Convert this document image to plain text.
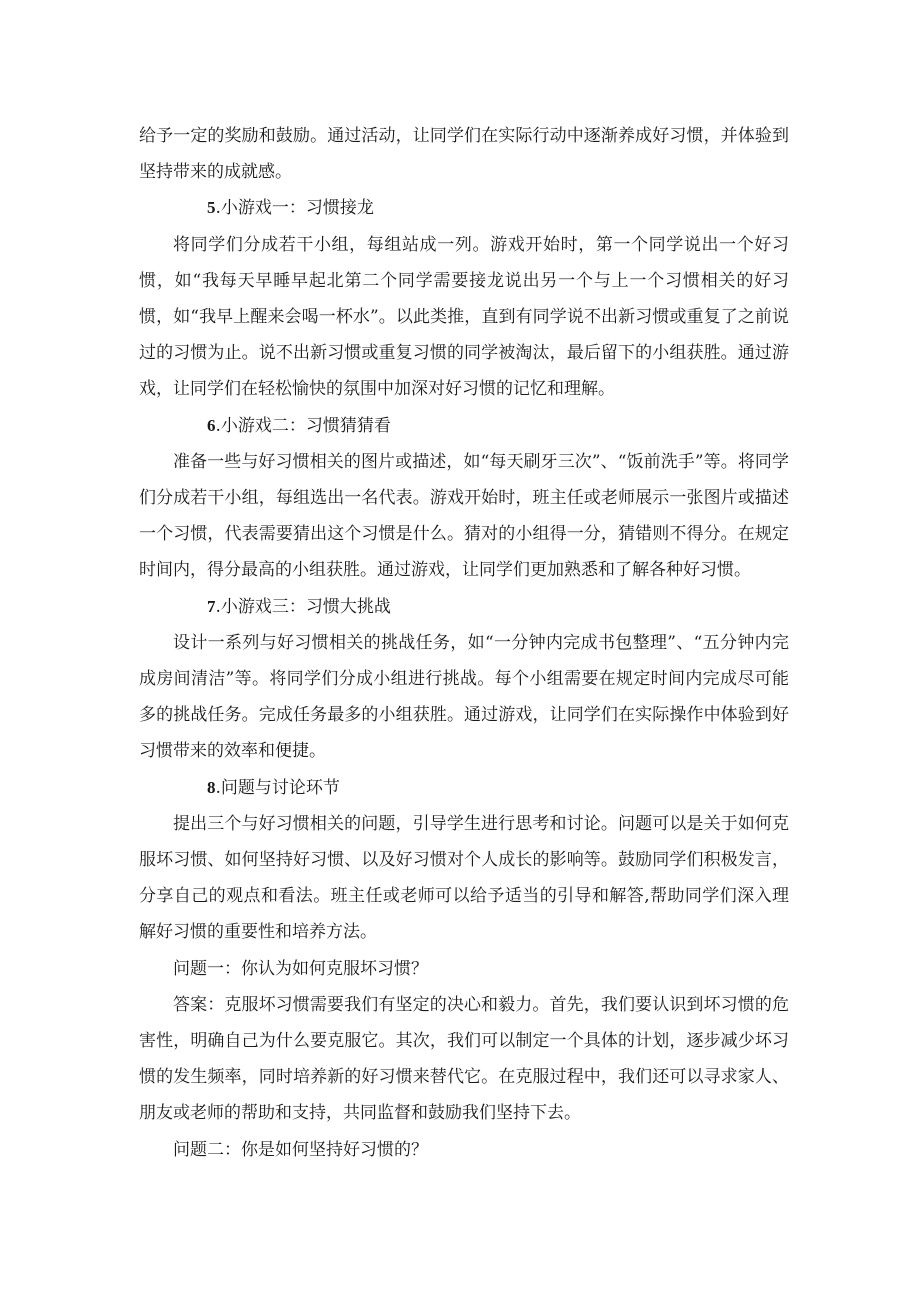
给予一定的奖励和鼓励。通过活动，让同学们在实际行动中逐渐养成好习惯，并体验到坚持带来的成就感。

5.小游戏一：习惯接龙

将同学们分成若干小组，每组站成一列。游戏开始时，第一个同学说出一个好习惯，如“我每天早睡早起北第二个同学需要接龙说出另一个与上一个习惯相关的好习惯，如“我早上醒来会喝一杯水”。以此类推，直到有同学说不出新习惯或重复了之前说过的习惯为止。说不出新习惯或重复习惯的同学被淘汰，最后留下的小组获胜。通过游戏，让同学们在轻松愉快的氛围中加深对好习惯的记忆和理解。

6.小游戏二：习惯猜猜看

准备一些与好习惯相关的图片或描述，如“每天刷牙三次”、“饭前洗手”等。将同学们分成若干小组，每组选出一名代表。游戏开始时，班主任或老师展示一张图片或描述一个习惯，代表需要猜出这个习惯是什么。猜对的小组得一分，猜错则不得分。在规定时间内，得分最高的小组获胜。通过游戏，让同学们更加熟悉和了解各种好习惯。

7.小游戏三：习惯大挑战

设计一系列与好习惯相关的挑战任务，如“一分钟内完成书包整理”、“五分钟内完成房间清洁”等。将同学们分成小组进行挑战。每个小组需要在规定时间内完成尽可能多的挑战任务。完成任务最多的小组获胜。通过游戏，让同学们在实际操作中体验到好习惯带来的效率和便捷。

8.问题与讨论环节

提出三个与好习惯相关的问题，引导学生进行思考和讨论。问题可以是关于如何克服坏习惯、如何坚持好习惯、以及好习惯对个人成长的影响等。鼓励同学们积极发言，分享自己的观点和看法。班主任或老师可以给予适当的引导和解答,帮助同学们深入理解好习惯的重要性和培养方法。

问题一：你认为如何克服坏习惯？

答案：克服坏习惯需要我们有坚定的决心和毅力。首先，我们要认识到坏习惯的危害性，明确自己为什么要克服它。其次，我们可以制定一个具体的计划，逐步减少坏习惯的发生频率，同时培养新的好习惯来替代它。在克服过程中，我们还可以寻求家人、朋友或老师的帮助和支持，共同监督和鼓励我们坚持下去。

问题二：你是如何坚持好习惯的？
